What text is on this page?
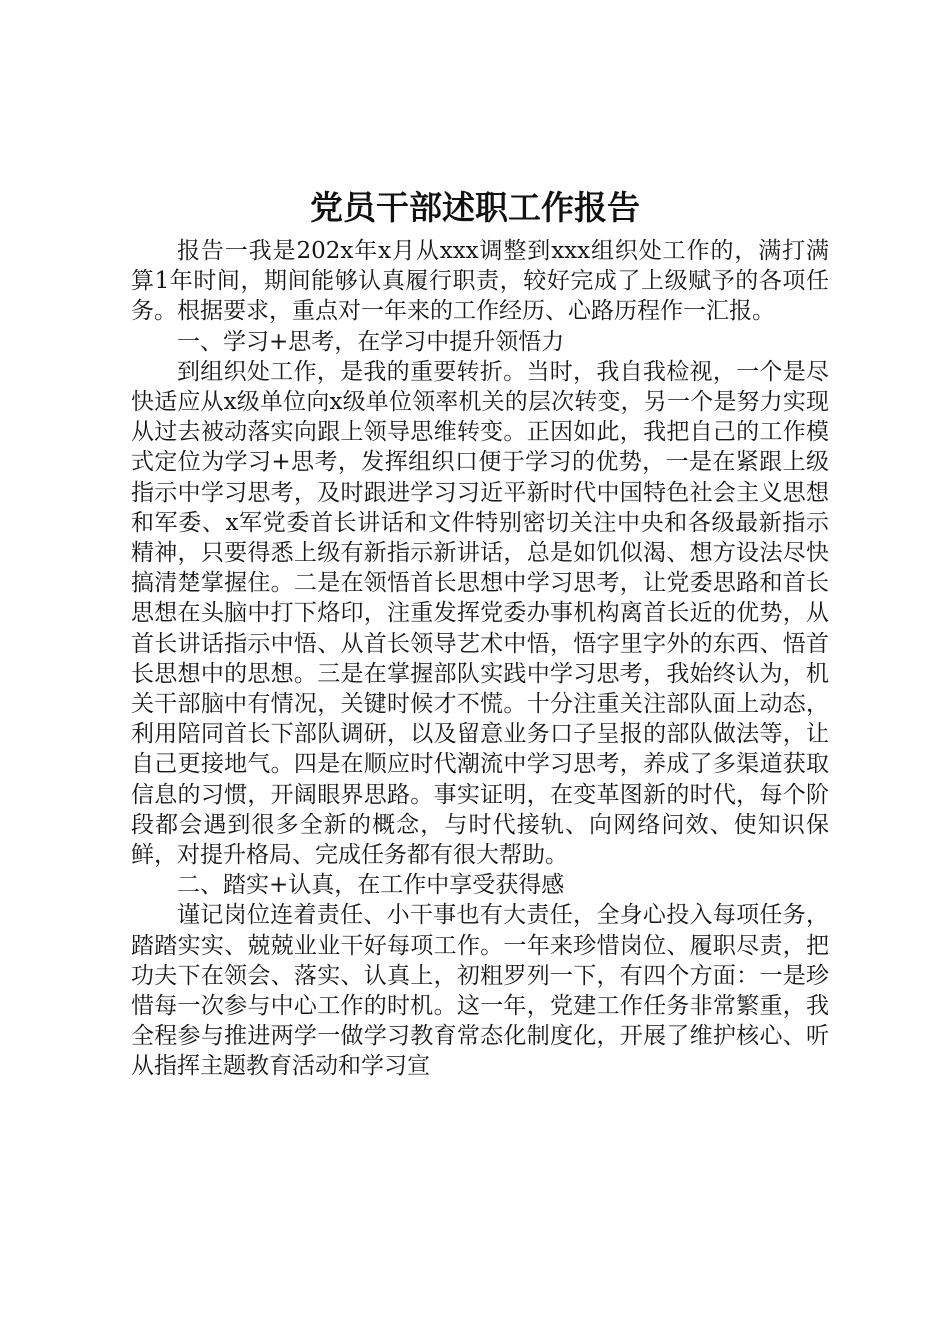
党员干部述职工作报告

报告一我是202x年x月从xxx调整到xxx组织处工作的，满打满算1年时间，期间能够认真履行职责，较好完成了上级赋予的各项任务。根据要求，重点对一年来的工作经历、心路历程作一汇报。

一、学习+思考，在学习中提升领悟力

到组织处工作，是我的重要转折。当时，我自我检视，一个是尽快适应从x级单位向x级单位领率机关的层次转变，另一个是努力实现从过去被动落实向跟上领导思维转变。正因如此，我把自己的工作模式定位为学习+思考，发挥组织口便于学习的优势，一是在紧跟上级指示中学习思考，及时跟进学习习近平新时代中国特色社会主义思想和军委、x军党委首长讲话和文件特别密切关注中央和各级最新指示精神，只要得悉上级有新指示新讲话，总是如饥似渴、想方设法尽快搞清楚掌握住。二是在领悟首长思想中学习思考，让党委思路和首长思想在头脑中打下烙印，注重发挥党委办事机构离首长近的优势，从首长讲话指示中悟、从首长领导艺术中悟，悟字里字外的东西、悟首长思想中的思想。三是在掌握部队实践中学习思考，我始终认为，机关干部脑中有情况，关键时候才不慌。十分注重关注部队面上动态，利用陪同首长下部队调研，以及留意业务口子呈报的部队做法等，让自己更接地气。四是在顺应时代潮流中学习思考，养成了多渠道获取信息的习惯，开阔眼界思路。事实证明，在变革图新的时代，每个阶段都会遇到很多全新的概念，与时代接轨、向网络问效、使知识保鲜，对提升格局、完成任务都有很大帮助。

二、踏实+认真，在工作中享受获得感

谨记岗位连着责任、小干事也有大责任，全身心投入每项任务，踏踏实实、兢兢业业干好每项工作。一年来珍惜岗位、履职尽责，把功夫下在领会、落实、认真上，初粗罗列一下，有四个方面：一是珍惜每一次参与中心工作的时机。这一年，党建工作任务非常繁重，我全程参与推进两学一做学习教育常态化制度化，开展了维护核心、听从指挥主题教育活动和学习宣
